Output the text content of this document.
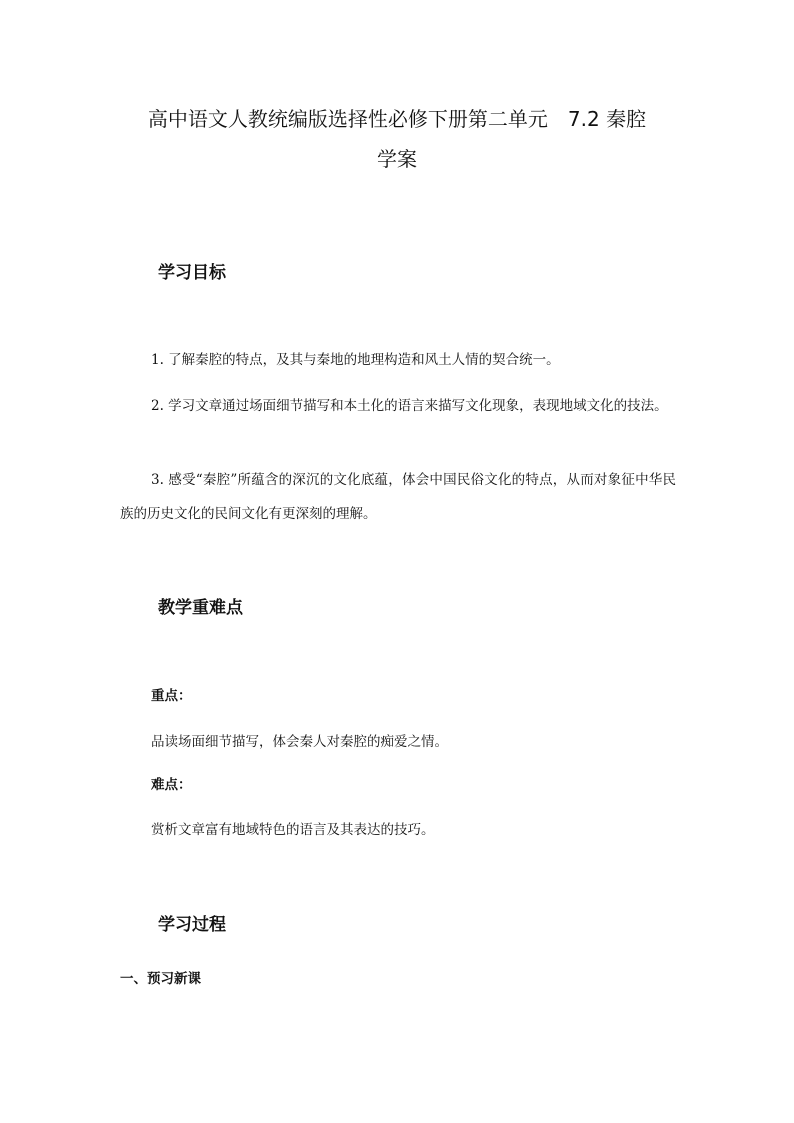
高中语文人教统编版选择性必修下册第二单元　7.2 秦腔
学案
学习目标

1. 了解秦腔的特点，及其与秦地的地理构造和风土人情的契合统一。

2. 学习文章通过场面细节描写和本土化的语言来描写文化现象，表现地域文化的技法。

3. 感受“秦腔”所蕴含的深沉的文化底蕴，体会中国民俗文化的特点，从而对象征中华民族的历史文化的民间文化有更深刻的理解。

教学重难点

重点：

品读场面细节描写，体会秦人对秦腔的痴爱之情。

难点：

赏析文章富有地域特色的语言及其表达的技巧。

学习过程

一、预习新课
